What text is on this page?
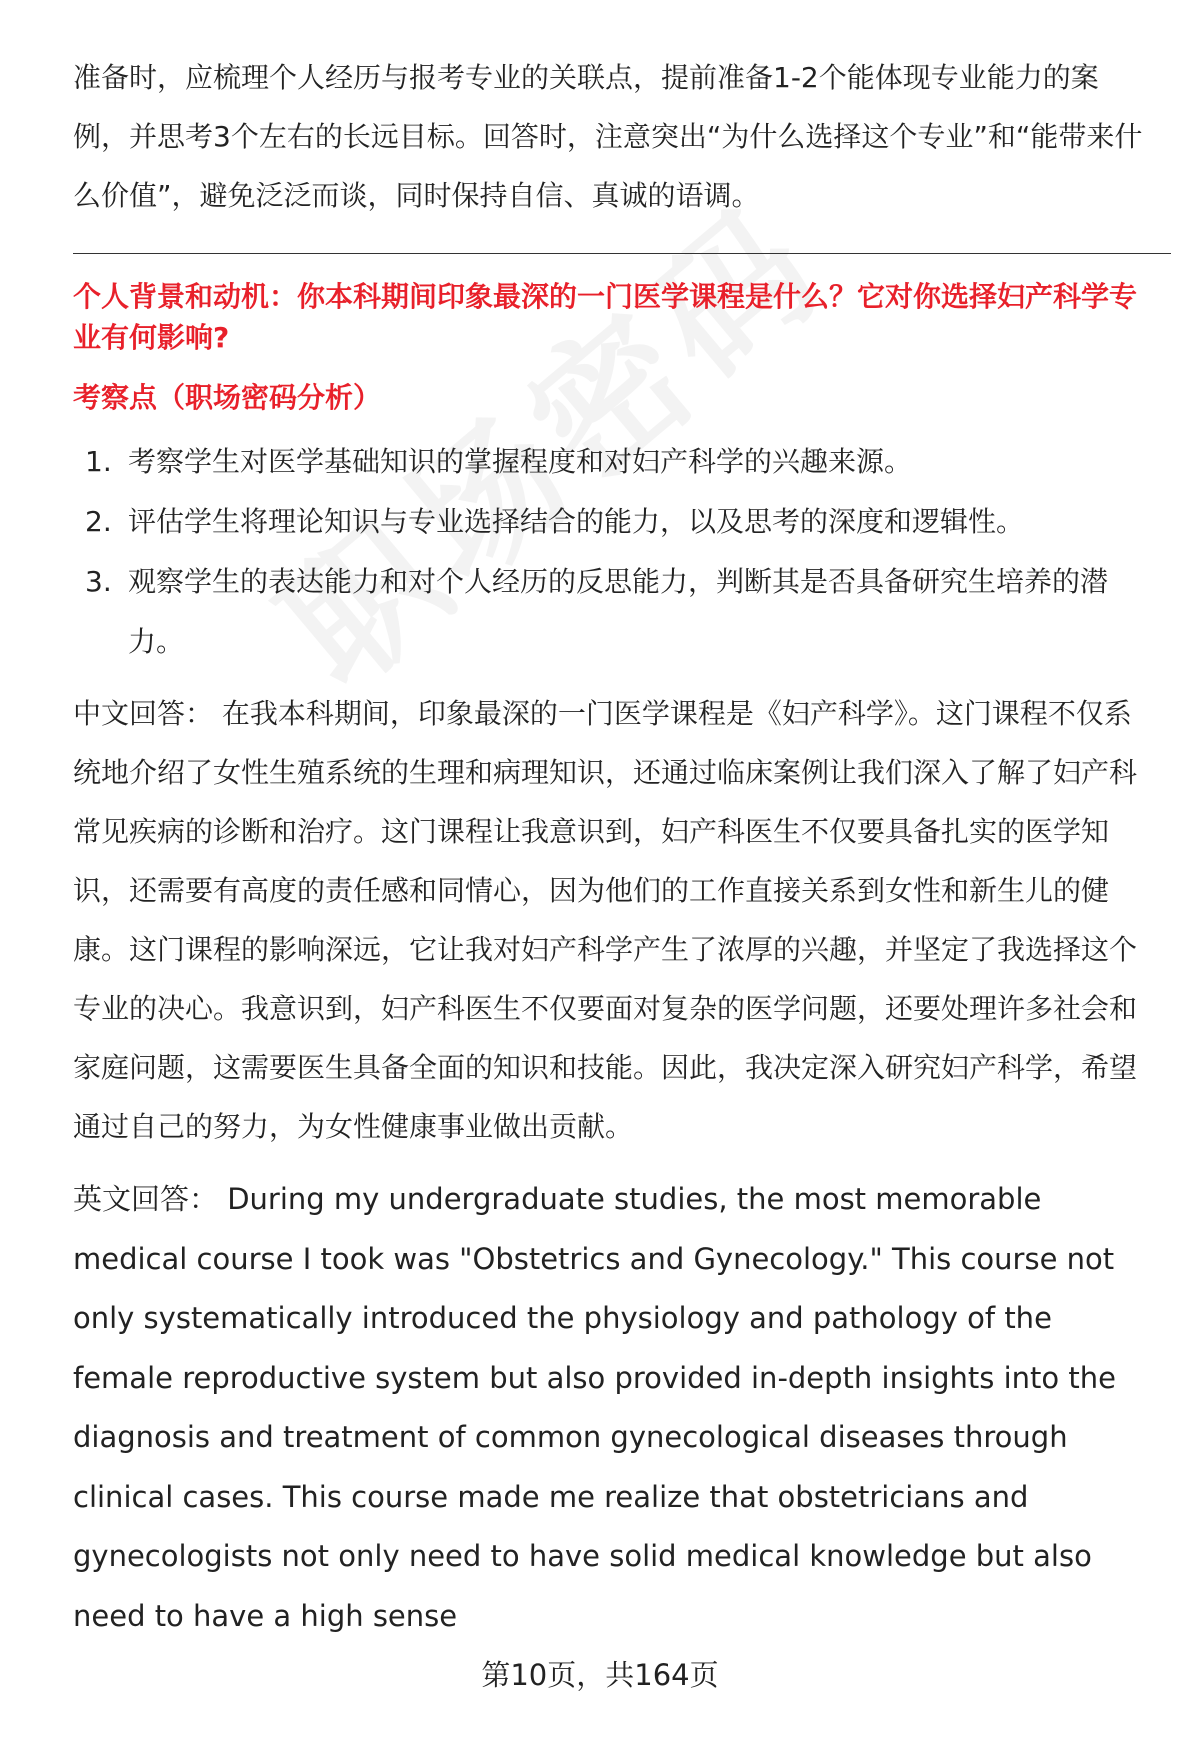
准备时，应梳理个人经历与报考专业的关联点，提前准备1-2个能体现专业能力的案例，并思考3个左右的长远目标。回答时，注意突出“为什么选择这个专业”和“能带来什么价值”，避免泛泛而谈，同时保持自信、真诚的语调。

个人背景和动机：你本科期间印象最深的一门医学课程是什么？它对你选择妇产科学专业有何影响?

考察点（职场密码分析）

1. 考察学生对医学基础知识的掌握程度和对妇产科学的兴趣来源。
2. 评估学生将理论知识与专业选择结合的能力，以及思考的深度和逻辑性。
3. 观察学生的表达能力和对个人经历的反思能力，判断其是否具备研究生培养的潜力。

中文回答： 在我本科期间，印象最深的一门医学课程是《妇产科学》。这门课程不仅系统地介绍了女性生殖系统的生理和病理知识，还通过临床案例让我们深入了解了妇产科常见疾病的诊断和治疗。这门课程让我意识到，妇产科医生不仅要具备扎实的医学知识，还需要有高度的责任感和同情心，因为他们的工作直接关系到女性和新生儿的健康。这门课程的影响深远，它让我对妇产科学产生了浓厚的兴趣，并坚定了我选择这个专业的决心。我意识到，妇产科医生不仅要面对复杂的医学问题，还要处理许多社会和家庭问题，这需要医生具备全面的知识和技能。因此，我决定深入研究妇产科学，希望通过自己的努力，为女性健康事业做出贡献。

英文回答： During my undergraduate studies, the most memorable medical course I took was "Obstetrics and Gynecology." This course not only systematically introduced the physiology and pathology of the female reproductive system but also provided in-depth insights into the diagnosis and treatment of common gynecological diseases through clinical cases. This course made me realize that obstetricians and gynecologists not only need to have solid medical knowledge but also need to have a high sense

第10页，共164页
